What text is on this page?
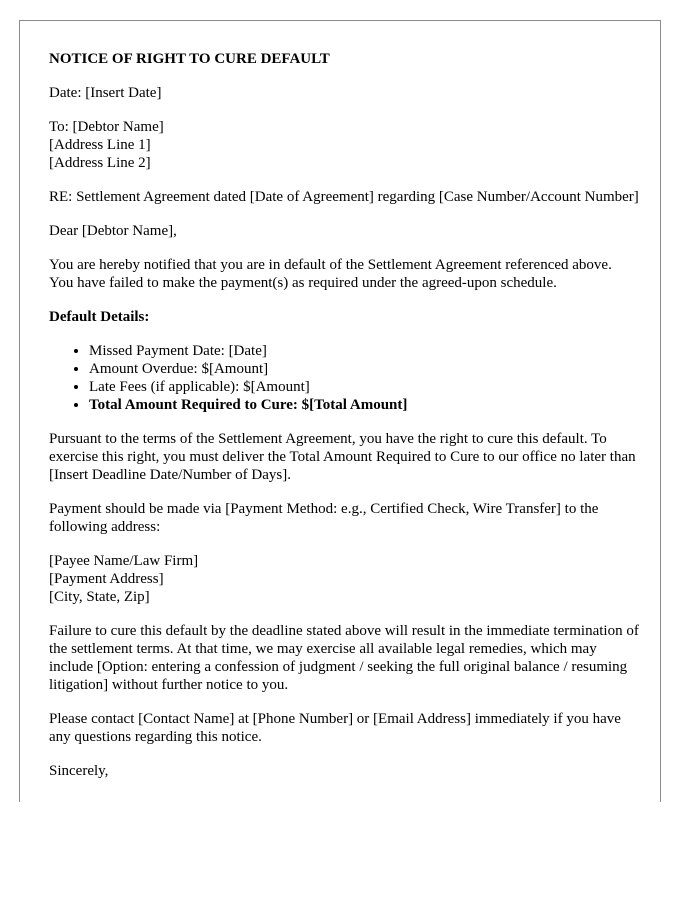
NOTICE OF RIGHT TO CURE DEFAULT

Date: [Insert Date]

To: [Debtor Name]
[Address Line 1]
[Address Line 2]

RE: Settlement Agreement dated [Date of Agreement] regarding [Case Number/Account Number]

Dear [Debtor Name],

You are hereby notified that you are in default of the Settlement Agreement referenced above. You have failed to make the payment(s) as required under the agreed-upon schedule.

Default Details:

• Missed Payment Date: [Date]
• Amount Overdue: $[Amount]
• Late Fees (if applicable): $[Amount]
• Total Amount Required to Cure: $[Total Amount]

Pursuant to the terms of the Settlement Agreement, you have the right to cure this default. To exercise this right, you must deliver the Total Amount Required to Cure to our office no later than [Insert Deadline Date/Number of Days].

Payment should be made via [Payment Method: e.g., Certified Check, Wire Transfer] to the following address:

[Payee Name/Law Firm]
[Payment Address]
[City, State, Zip]

Failure to cure this default by the deadline stated above will result in the immediate termination of the settlement terms. At that time, we may exercise all available legal remedies, which may include [Option: entering a confession of judgment / seeking the full original balance / resuming litigation] without further notice to you.

Please contact [Contact Name] at [Phone Number] or [Email Address] immediately if you have any questions regarding this notice.

Sincerely,
